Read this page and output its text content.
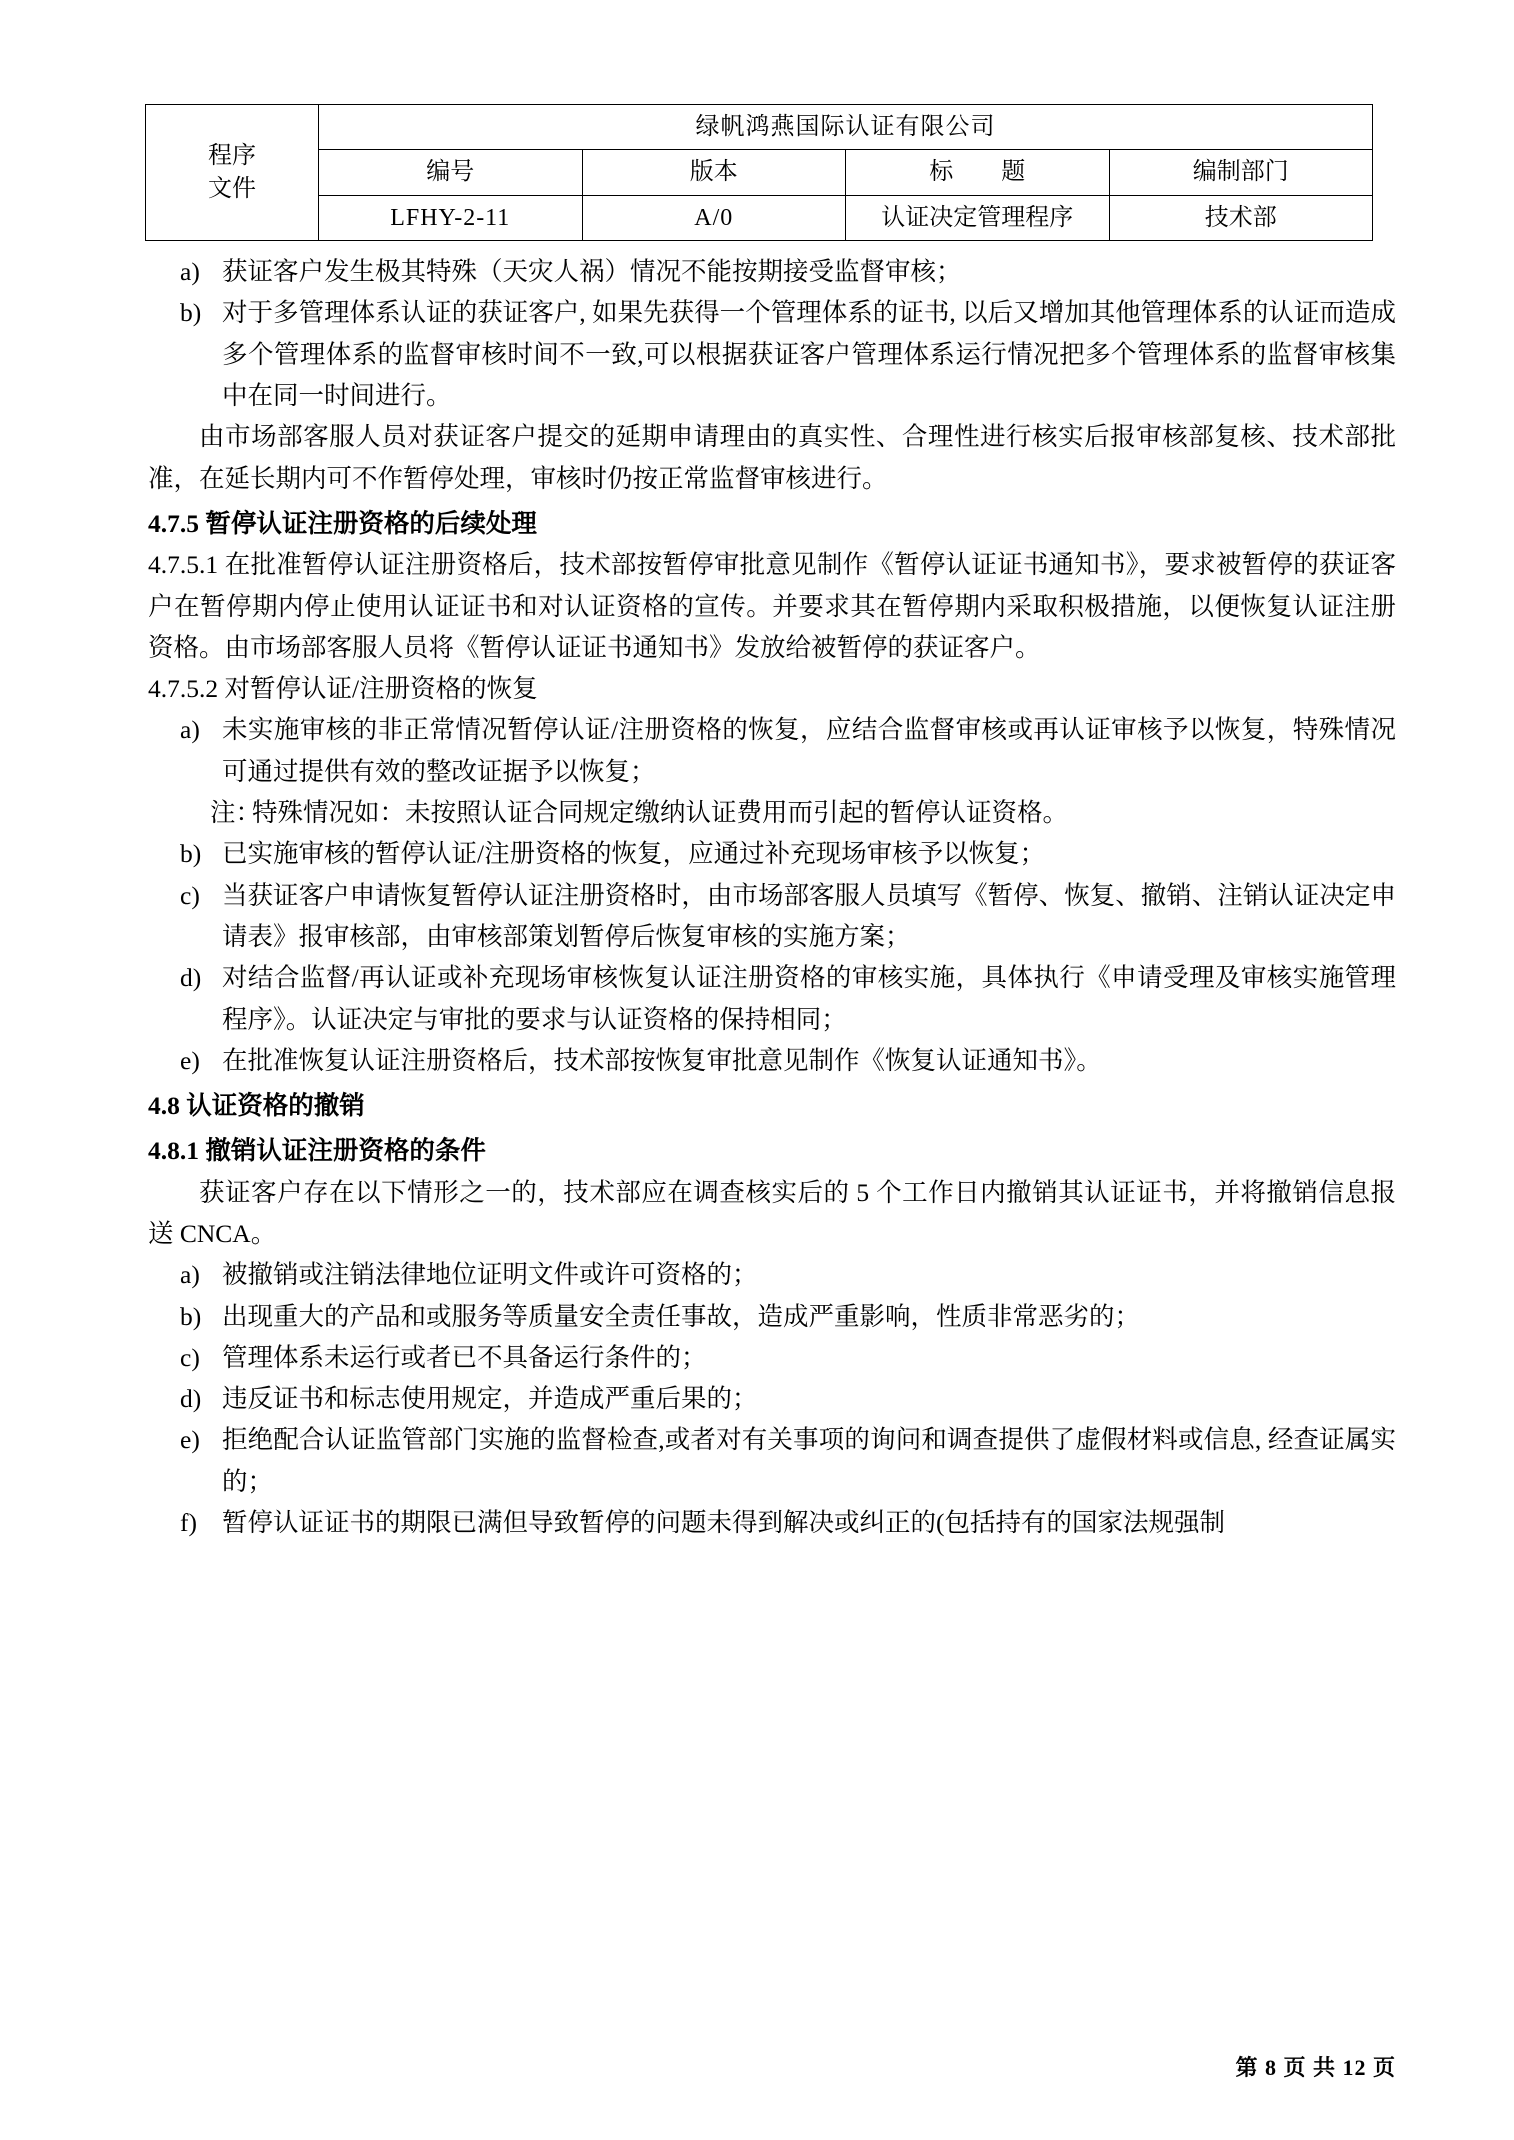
程序
文件	绿帆鸿燕国际认证有限公司			
	编号	版本	标　题	编制部门
	LFHY-2-11	A/0	认证决定管理程序	技术部
a) 获证客户发生极其特殊（天灾人祸）情况不能按期接受监督审核；
b) 对于多管理体系认证的获证客户, 如果先获得一个管理体系的证书, 以后又增加其他管理体系的认证而造成多个管理体系的监督审核时间不一致,可以根据获证客户管理体系运行情况把多个管理体系的监督审核集中在同一时间进行。

由市场部客服人员对获证客户提交的延期申请理由的真实性、合理性进行核实后报审核部复核、技术部批准，在延长期内可不作暂停处理，审核时仍按正常监督审核进行。

4.7.5 暂停认证注册资格的后续处理

4.7.5.1 在批准暂停认证注册资格后，技术部按暂停审批意见制作《暂停认证证书通知书》，要求被暂停的获证客户在暂停期内停止使用认证证书和对认证资格的宣传。并要求其在暂停期内采取积极措施，以便恢复认证注册资格。由市场部客服人员将《暂停认证证书通知书》发放给被暂停的获证客户。

4.7.5.2 对暂停认证/注册资格的恢复

a) 未实施审核的非正常情况暂停认证/注册资格的恢复，应结合监督审核或再认证审核予以恢复，特殊情况可通过提供有效的整改证据予以恢复；
注：
特殊情况如：未按照认证合同规定缴纳认证费用而引起的暂停认证资格。
b) 已实施审核的暂停认证/注册资格的恢复，应通过补充现场审核予以恢复；
c) 当获证客户申请恢复暂停认证注册资格时，由市场部客服人员填写《暂停、恢复、撤销、注销认证决定申请表》报审核部，由审核部策划暂停后恢复审核的实施方案；
d) 对结合监督/再认证或补充现场审核恢复认证注册资格的审核实施，具体执行《申请受理及审核实施管理程序》。认证决定与审批的要求与认证资格的保持相同；
e) 在批准恢复认证注册资格后，技术部按恢复审批意见制作《恢复认证通知书》。

4.8 认证资格的撤销

4.8.1 撤销认证注册资格的条件

获证客户存在以下情形之一的，技术部应在调查核实后的 5 个工作日内撤销其认证证书，并将撤销信息报送 CNCA。

a) 被撤销或注销法律地位证明文件或许可资格的；
b) 出现重大的产品和或服务等质量安全责任事故，造成严重影响，性质非常恶劣的；
c) 管理体系未运行或者已不具备运行条件的；
d) 违反证书和标志使用规定，并造成严重后果的；
e) 拒绝配合认证监管部门实施的监督检查,或者对有关事项的询问和调查提供了虚假材料或信息, 经查证属实的；
f) 暂停认证证书的期限已满但导致暂停的问题未得到解决或纠正的(包括持有的国家法规强制
第 8 页 共 12 页
